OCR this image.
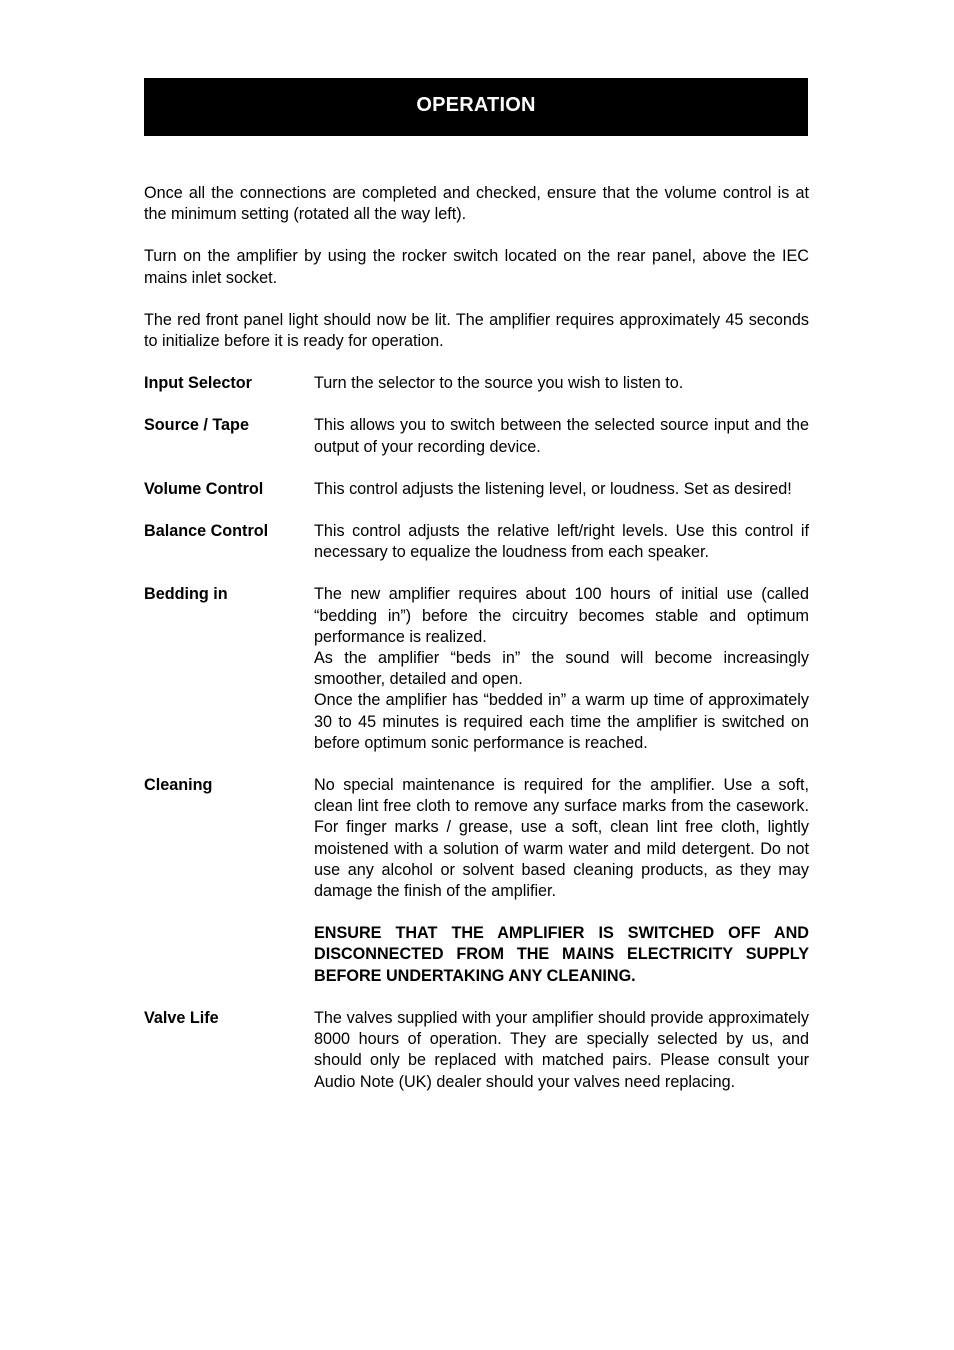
OPERATION

Once all the connections are completed and checked, ensure that the volume control is at the minimum setting (rotated all the way left).

Turn on the amplifier by using the rocker switch located on the rear panel, above the IEC mains inlet socket.

The red front panel light should now be lit. The amplifier requires approximately 45 seconds to initialize before it is ready for operation.

Input Selector	Turn the selector to the source you wish to listen to.

Source / Tape	This allows you to switch between the selected source input and the output of your recording device.

Volume Control	This control adjusts the listening level, or loudness. Set as desired!

Balance Control	This control adjusts the relative left/right levels. Use this control if necessary to equalize the loudness from each speaker.

Bedding in	The new amplifier requires about 100 hours of initial use (called “bedding in”) before the circuitry becomes stable and optimum performance is realized.

As the amplifier “beds in” the sound will become increasingly smoother, detailed and open.

Once the amplifier has “bedded in” a warm up time of approximately 30 to 45 minutes is required each time the amplifier is switched on before optimum sonic performance is reached.

Cleaning	No special maintenance is required for the amplifier. Use a soft, clean lint free cloth to remove any surface marks from the casework. For finger marks / grease, use a soft, clean lint free cloth, lightly moistened with a solution of warm water and mild detergent. Do not use any alcohol or solvent based cleaning products, as they may damage the finish of the amplifier.

ENSURE THAT THE AMPLIFIER IS SWITCHED OFF AND DISCONNECTED FROM THE MAINS ELECTRICITY SUPPLY BEFORE UNDERTAKING ANY CLEANING.

Valve Life	The valves supplied with your amplifier should provide approximately 8000 hours of operation. They are specially selected by us, and should only be replaced with matched pairs. Please consult your Audio Note (UK) dealer should your valves need replacing.
